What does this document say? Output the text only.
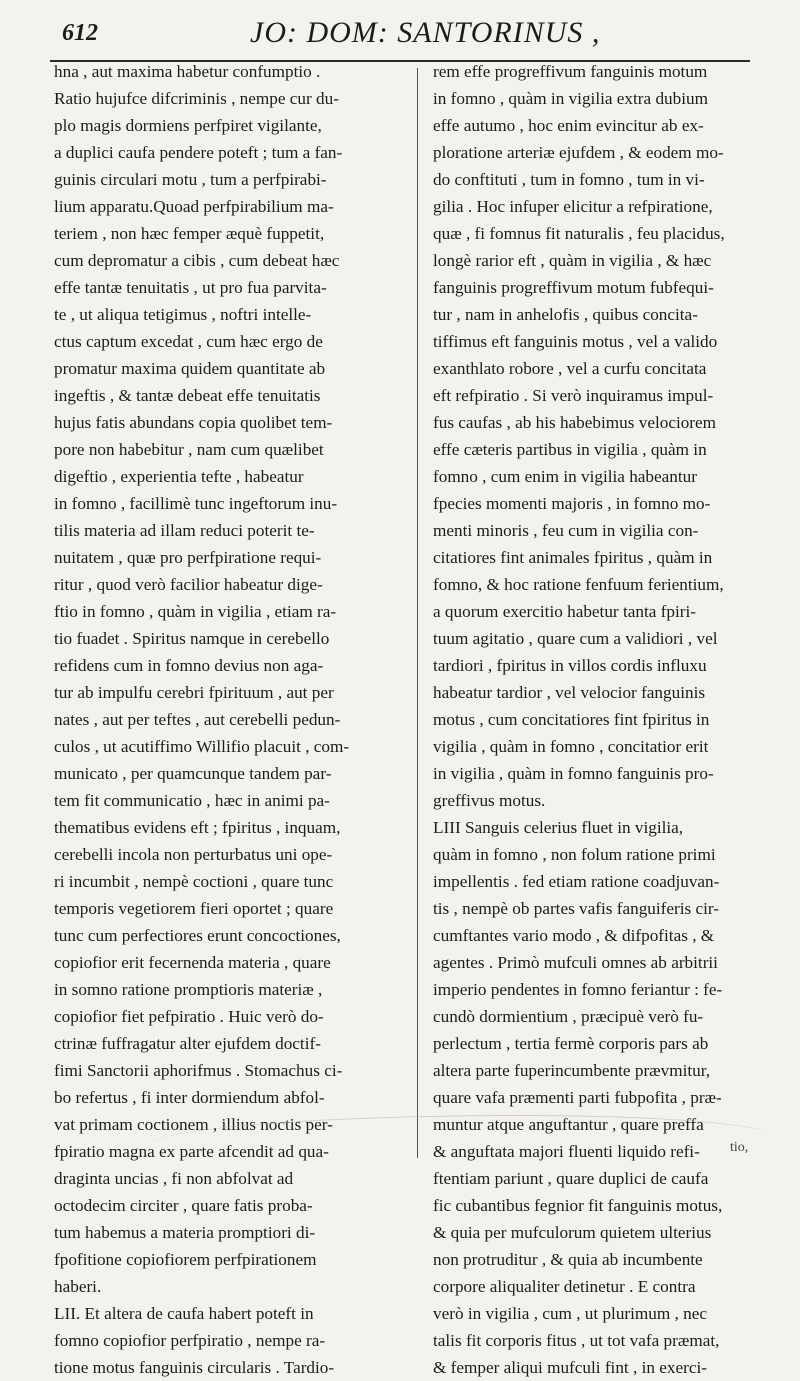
612	JO: DOM: SANTORINUS ,
hna , aut maxima habetur confumptio .
Ratio hujufce difcriminis , nempe cur du-
plo magis dormiens perfpiret vigilante,
a duplici caufa pendere poteft ; tum a fan-
guinis circulari motu , tum a perfpirabi-
lium apparatu.Quoad perfpirabilium ma-
teriem , non hæc femper æquè fuppetit,
cum depromatur a cibis , cum debeat hæc
effe tantæ tenuitatis , ut pro fua parvita-
te , ut aliqua tetigimus , noftri intelle-
ctus captum excedat , cum hæc ergo de
promatur maxima quidem quantitate ab
ingeftis , & tantæ debeat effe tenuitatis
hujus fatis abundans copia quolibet tem-
pore non habebitur , nam cum quælibet
digeftio , experientia tefte , habeatur
in fomno , facillimè tunc ingeftorum inu-
tilis materia ad illam reduci poterit te-
nuitatem , quæ pro perfpiratione requi-
ritur , quod verò facilior habeatur dige-
ftio in fomno , quàm in vigilia , etiam ra-
tio fuadet . Spiritus namque in cerebello
refidens cum in fomno devius non aga-
tur ab impulfu cerebri fpirituum , aut per
nates , aut per teftes , aut cerebelli pedun-
culos , ut acutiffimo Willifio placuit , com-
municato , per quamcunque tandem par-
tem fit communicatio , hæc in animi pa-
thematibus evidens eft ; fpiritus , inquam,
cerebelli incola non perturbatus uni ope-
ri incumbit , nempè coctioni , quare tunc
temporis vegetiorem fieri oportet ; quare
tunc cum perfectiores erunt concoctiones,
copiofior erit fecernenda materia , quare
in somno ratione promptioris materiæ ,
copiofior fiet pefpiratio . Huic verò do-
ctrinæ fuffragatur alter ejufdem doctif-
fimi Sanctorii aphorifmus . Stomachus ci-
bo refertus , fi inter dormiendum abfol-
vat primam coctionem , illius noctis per-
fpiratio magna ex parte afcendit ad qua-
draginta uncias , fi non abfolvat ad
octodecim circiter , quare fatis proba-
tum habemus a materia promptiori di-
fpofitione copiofiorem perfpirationem
haberi.
LII. Et altera de caufa habert poteft in
fomno copiofior perfpiratio , nempe ra-
tione motus fanguinis circularis . Tardio-
rem effe progreffivum fanguinis motum
in fomno , quàm in vigilia extra dubium
effe autumo , hoc enim evincitur ab ex-
ploratione arteriæ ejufdem , & eodem mo-
do conftituti , tum in fomno , tum in vi-
gilia . Hoc infuper elicitur a refpiratione,
quæ , fi fomnus fit naturalis , feu placidus,
longè rarior eft , quàm in vigilia , & hæc
fanguinis progreffivum motum fubfequi-
tur , nam in anhelofis , quibus concita-
tiffimus eft fanguinis motus , vel a valido
exanthlato robore , vel a curfu concitata
eft refpiratio . Si verò inquiramus impul-
fus caufas , ab his habebimus velociorem
effe cæteris partibus in vigilia , quàm in
fomno , cum enim in vigilia habeantur
fpecies momenti majoris , in fomno mo-
menti minoris , feu cum in vigilia con-
citatiores fint animales fpiritus , quàm in
fomno, & hoc ratione fenfuum ferientium,
a quorum exercitio habetur tanta fpiri-
tuum agitatio , quare cum a validiori , vel
tardiori , fpiritus in villos cordis influxu
habeatur tardior , vel velocior fanguinis
motus , cum concitatiores fint fpiritus in
vigilia , quàm in fomno , concitatior erit
in vigilia , quàm in fomno fanguinis pro-
greffivus motus.
LIII Sanguis celerius fluet in vigilia,
quàm in fomno , non folum ratione primi
impellentis . fed etiam ratione coadjuvan-
tis , nempè ob partes vafis fanguiferis cir-
cumftantes vario modo , & difpofitas , &
agentes . Primò mufculi omnes ab arbitrii
imperio pendentes in fomno feriantur : fe-
cundò dormientium , præcipuè verò fu-
perlectum , tertia fermè corporis pars ab
altera parte fuperincumbente prævmitur,
quare vafa præmenti parti fubpofita , præ-
muntur atque anguftantur , quare preffa
& anguftata majori fluenti liquido refi-
ftentiam pariunt , quare duplici de caufa
fic cubantibus fegnior fit fanguinis motus,
& quia per mufculorum quietem ulterius
non protruditur , & quia ab incumbente
corpore aliqualiter detinetur . E contra
verò in vigilia , cum , ut plurimum , nec
talis fit corporis fitus , ut tot vafa præmat,
& femper aliqui mufculi fint , in exerci-
tio,
